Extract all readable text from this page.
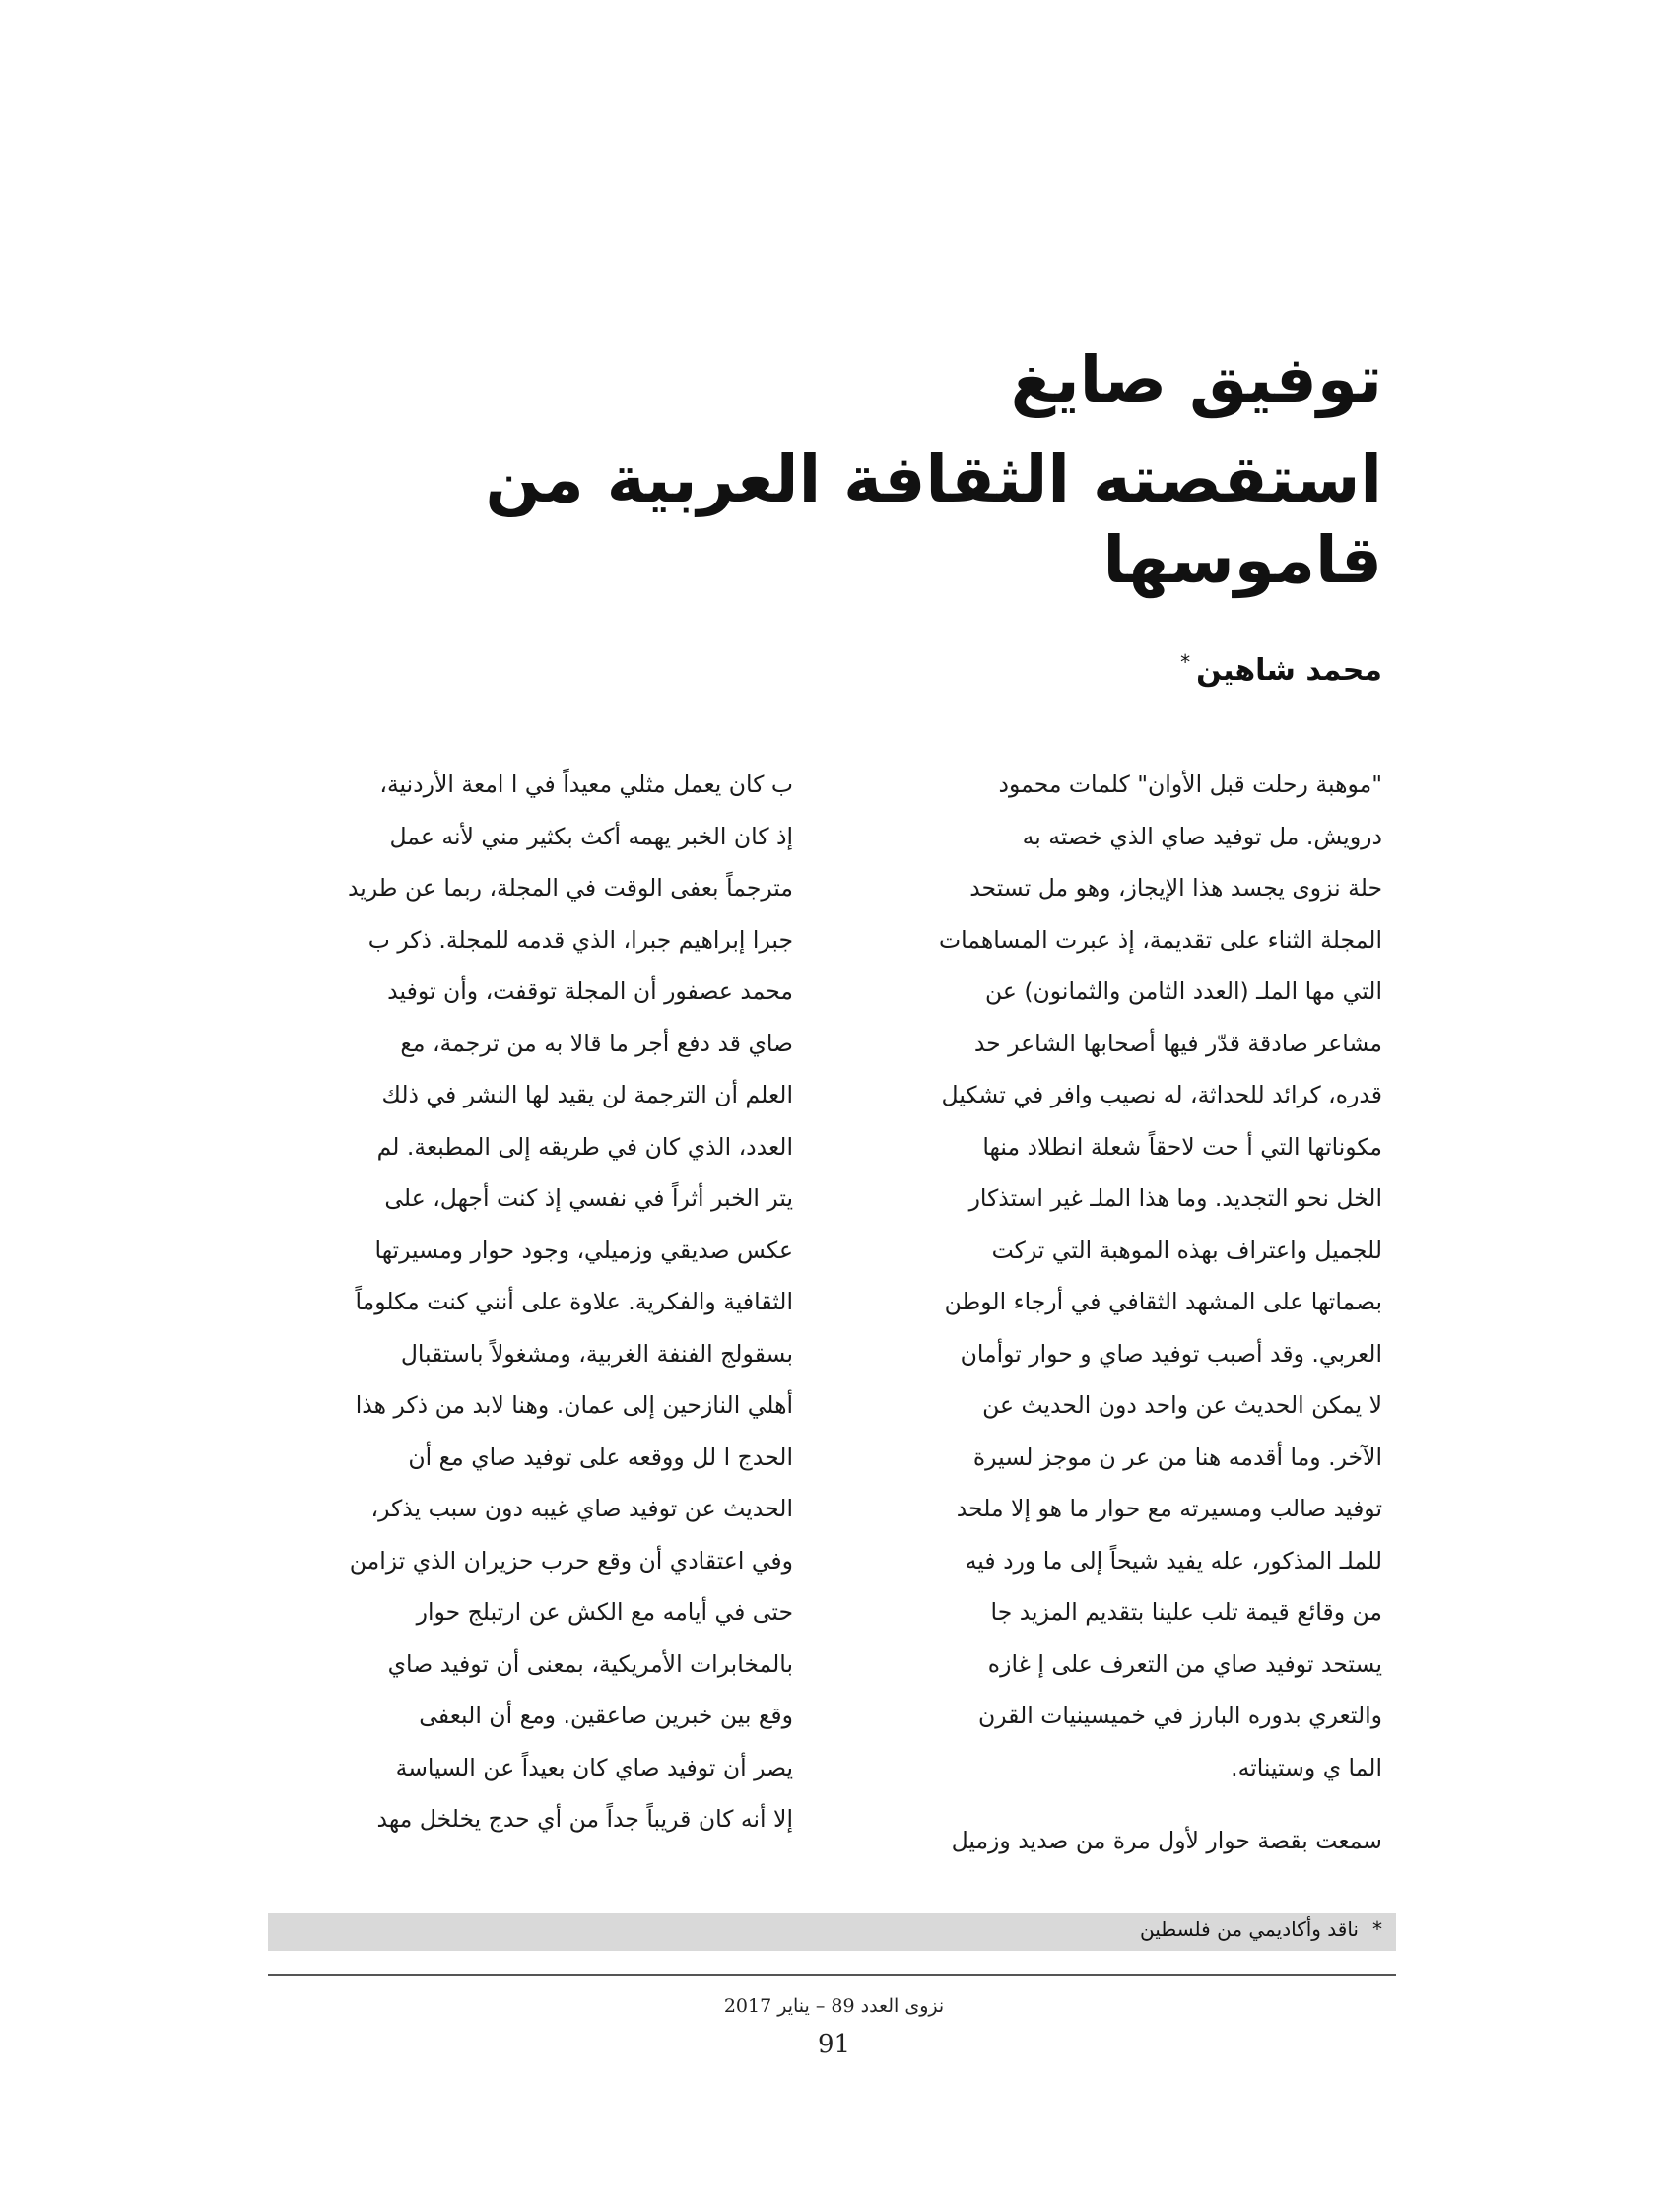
توفيق صايغ
استقصته الثقافة العربية من قاموسها
محمد شاهين*
"موهبة رحلت قبل الأوان" كلمات محمود
درويش. مل توفيد صاي الذي خصته به
حلة نزوى يجسد هذا الإيجاز، وهو مل تستحد
المجلة الثناء على تقديمة، إذ عبرت المساهمات
التي مها الملـ (العدد الثامن والثمانون) عن
مشاعر صادقة قدّر فيها أصحابها الشاعر حد
قدره، كرائد للحداثة، له نصيب وافر في تشكيل
مكوناتها التي أ حت لاحقاً شعلة انطلاد منها
الخل نحو التجديد. وما هذا الملـ غير استذكار
للجميل واعتراف بهذه الموهبة التي تركت
بصماتها على المشهد الثقافي في أرجاء الوطن
العربي. وقد أصبب توفيد صاي و حوار توأمان
لا يمكن الحديث عن واحد دون الحديث عن
الآخر. وما أقدمه هنا من عر ن موجز لسيرة
توفيد صالب ومسيرته مع حوار ما هو إلا ملحد
للملـ المذكور، عله يفيد شيحاً إلى ما ورد فيه
من وقائع قيمة تلب علينا بتقديم المزيد جا
يستحد توفيد صاي من التعرف على إ غازه
والتعري بدوره البارز في خميسينيات القرن
الما ي وستيناته.
سمعت بقصة حوار لأول مرة من صديد وزميل
ب كان يعمل مثلي معيداً في ا امعة الأردنية،
إذ كان الخبر يهمه أكث بكثير مني لأنه عمل
مترجماً بعفى الوقت في المجلة، ربما عن طريد
جبرا إبراهيم جبرا، الذي قدمه للمجلة. ذكر ب
محمد عصفور أن المجلة توقفت، وأن توفيد
صاي قد دفع أجر ما قالا به من ترجمة، مع
العلم أن الترجمة لن يقيد لها النشر في ذلك
العدد، الذي كان في طريقه إلى المطبعة. لم
يتر الخبر أثراً في نفسي إذ كنت أجهل، على
عكس صديقي وزميلي، وجود حوار ومسيرتها
الثقافية والفكرية. علاوة على أنني كنت مكلوماً
بسقولج الفنفة الغربية، ومشغولاً باستقبال
أهلي النازحين إلى عمان. وهنا لابد من ذكر هذا
الحدج ا لل ووقعه على توفيد صاي مع أن
الحديث عن توفيد صاي غيبه دون سبب يذكر،
وفي اعتقادي أن وقع حرب حزيران الذي تزامن
حتى في أيامه مع الكش عن ارتبلج حوار
بالمخابرات الأمريكية، بمعنى أن توفيد صاي
وقع بين خبرين صاعقين. ومع أن البعفى
يصر أن توفيد صاي كان بعيداً عن السياسة
إلا أنه كان قريباً جداً من أي حدج يخلخل مهد
*ناقد وأكاديمي من فلسطين
نزوى العدد 89 – يناير 2017
91
